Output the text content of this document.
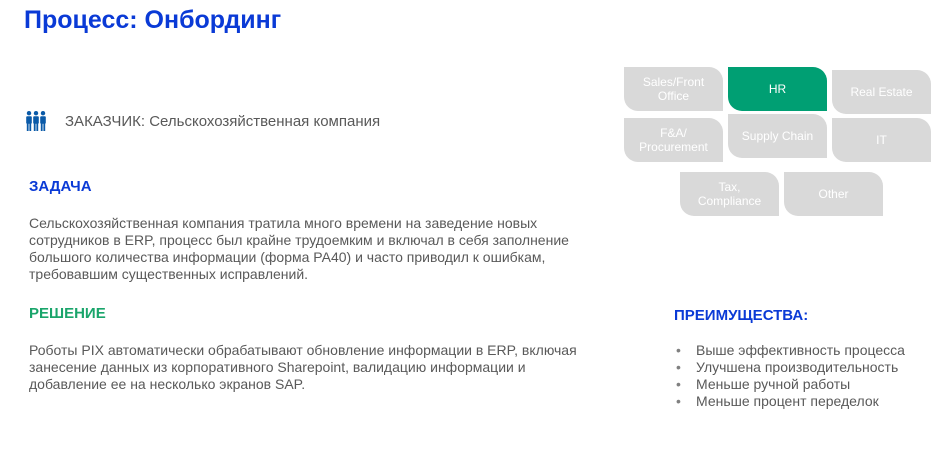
Процесс: Онбординг
ЗАКАЗЧИК: Сельскохозяйственная компания
ЗАДАЧА
Сельскохозяйственная компания тратила много времени на заведение новых
сотрудников в ERP, процесс был крайне трудоемким и включал в себя заполнение
большого количества информации (форма PA40) и часто приводил к ошибкам,
требовавшим существенных исправлений.
РЕШЕНИЕ
Роботы PIX автоматически обрабатывают обновление информации в ERP, включая
занесение данных из корпоративного Sharepoint, валидацию информации и
добавление ее на несколько экранов SAP.
Sales/Front
Office	HR	Real Estate
F&A/
Procurement
Supply Chain	IT
Tax,
Compliance	Other
ПРЕИМУЩЕСТВА:
• Выше эффективность процесса
• Улучшена производительность
• Меньше ручной работы
• Меньше процент переделок
